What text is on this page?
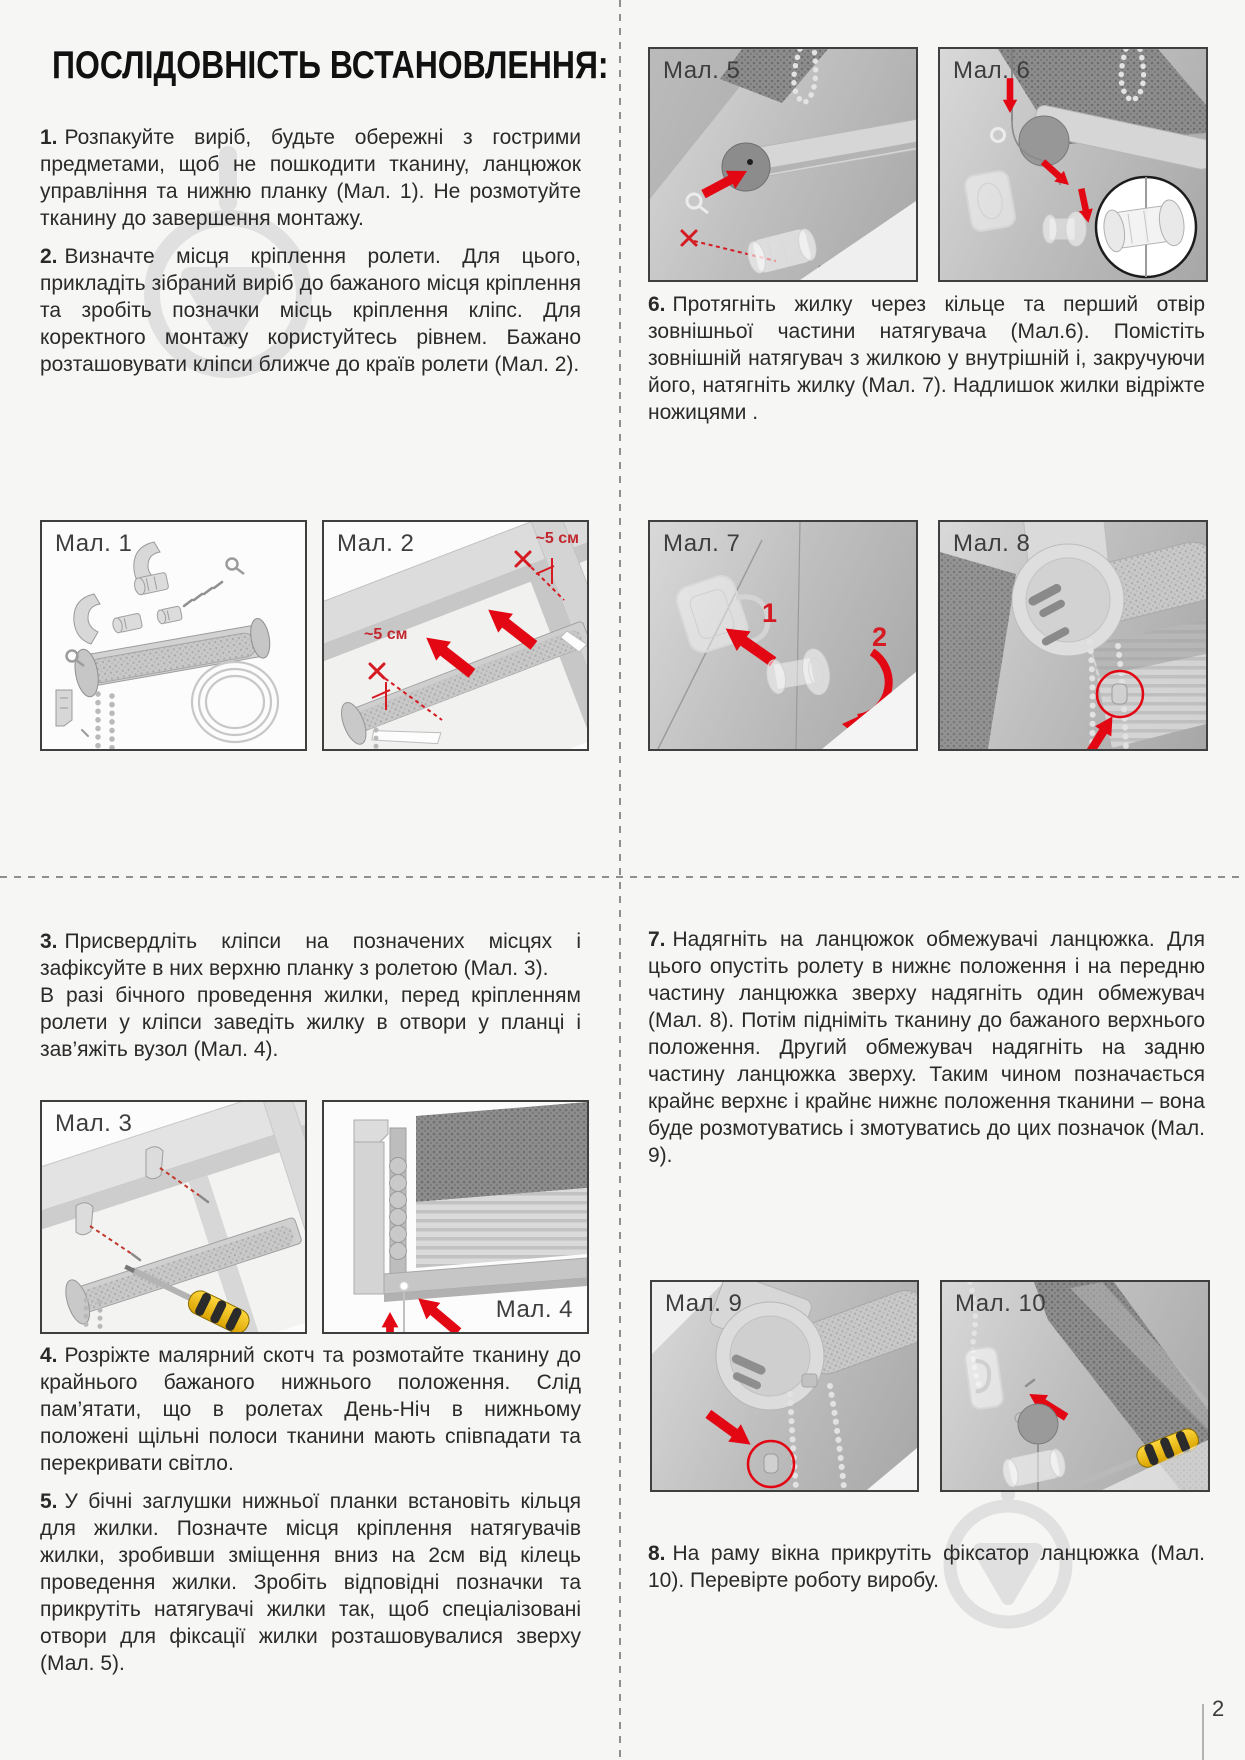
ПОСЛІДОВНІСТЬ ВСТАНОВЛЕННЯ:

1. Розпакуйте виріб, будьте обережні з гострими предметами, щоб не пошкодити тканину, ланцюжок управління та нижню планку (Мал. 1). Не розмотуйте тканину до завершення монтажу.

2. Визначте місця кріплення ролети. Для цього, прикладіть зібраний виріб до бажаного місця кріплення та зробіть позначки місць кріплення кліпс. Для коректного монтажу користуйтесь рівнем. Бажано розташовувати кліпси ближче до країв ролети (Мал. 2).

Мал. 1	Мал. 2	~5 см
~5 см
Мал. 5	Мал. 6

6. Протягніть жилку через кільце та перший отвір зовнішньої частини натягувача (Мал.6). Помістіть зовнішній натягувач з жилкою у внутрішній і, закручуючи його, натягніть жилку (Мал. 7). Надлишок жилки відріжте ножицями .

Мал. 7
1
2
Мал. 8

3. Присвердліть кліпси на позначених місцях і зафіксуйте в них верхню планку з ролетою (Мал. 3).
В разі бічного проведення жилки, перед кріпленням ролети у кліпси заведіть жилку в отвори у планці і зав’яжіть вузол (Мал. 4).

7. Надягніть на ланцюжок обмежувачі ланцюжка. Для цього опустіть ролету в нижнє положення і на передню частину ланцюжка зверху надягніть один обмежувач (Мал. 8). Потім підніміть тканину до бажаного верхнього положення. Другий обмежувач надягніть на задню частину ланцюжка зверху. Таким чином позначається крайнє верхнє і крайнє нижнє положення тканини – вона буде розмотуватись і змотуватись до цих позначок (Мал. 9).

Мал. 3
Мал. 4	Мал. 9	Мал. 10

4. Розріжте малярний скотч та розмотайте тканину до крайнього бажаного нижнього положення. Слід пам’ятати, що в ролетах День-Ніч в нижньому положені щільні полоси тканини мають співпадати та перекривати світло.

5. У бічні заглушки нижньої планки встановіть кільця для жилки. Позначте місця кріплення натягувачів жилки, зробивши зміщення вниз на 2см від кілець проведення жилки. Зробіть відповідні позначки та прикрутіть натягувачі жилки так, щоб спеціалізовані отвори для фіксації жилки розташовувалися зверху (Мал. 5).

8. На раму вікна прикрутіть фіксатор ланцюжка (Мал. 10). Перевірте роботу виробу.

2
